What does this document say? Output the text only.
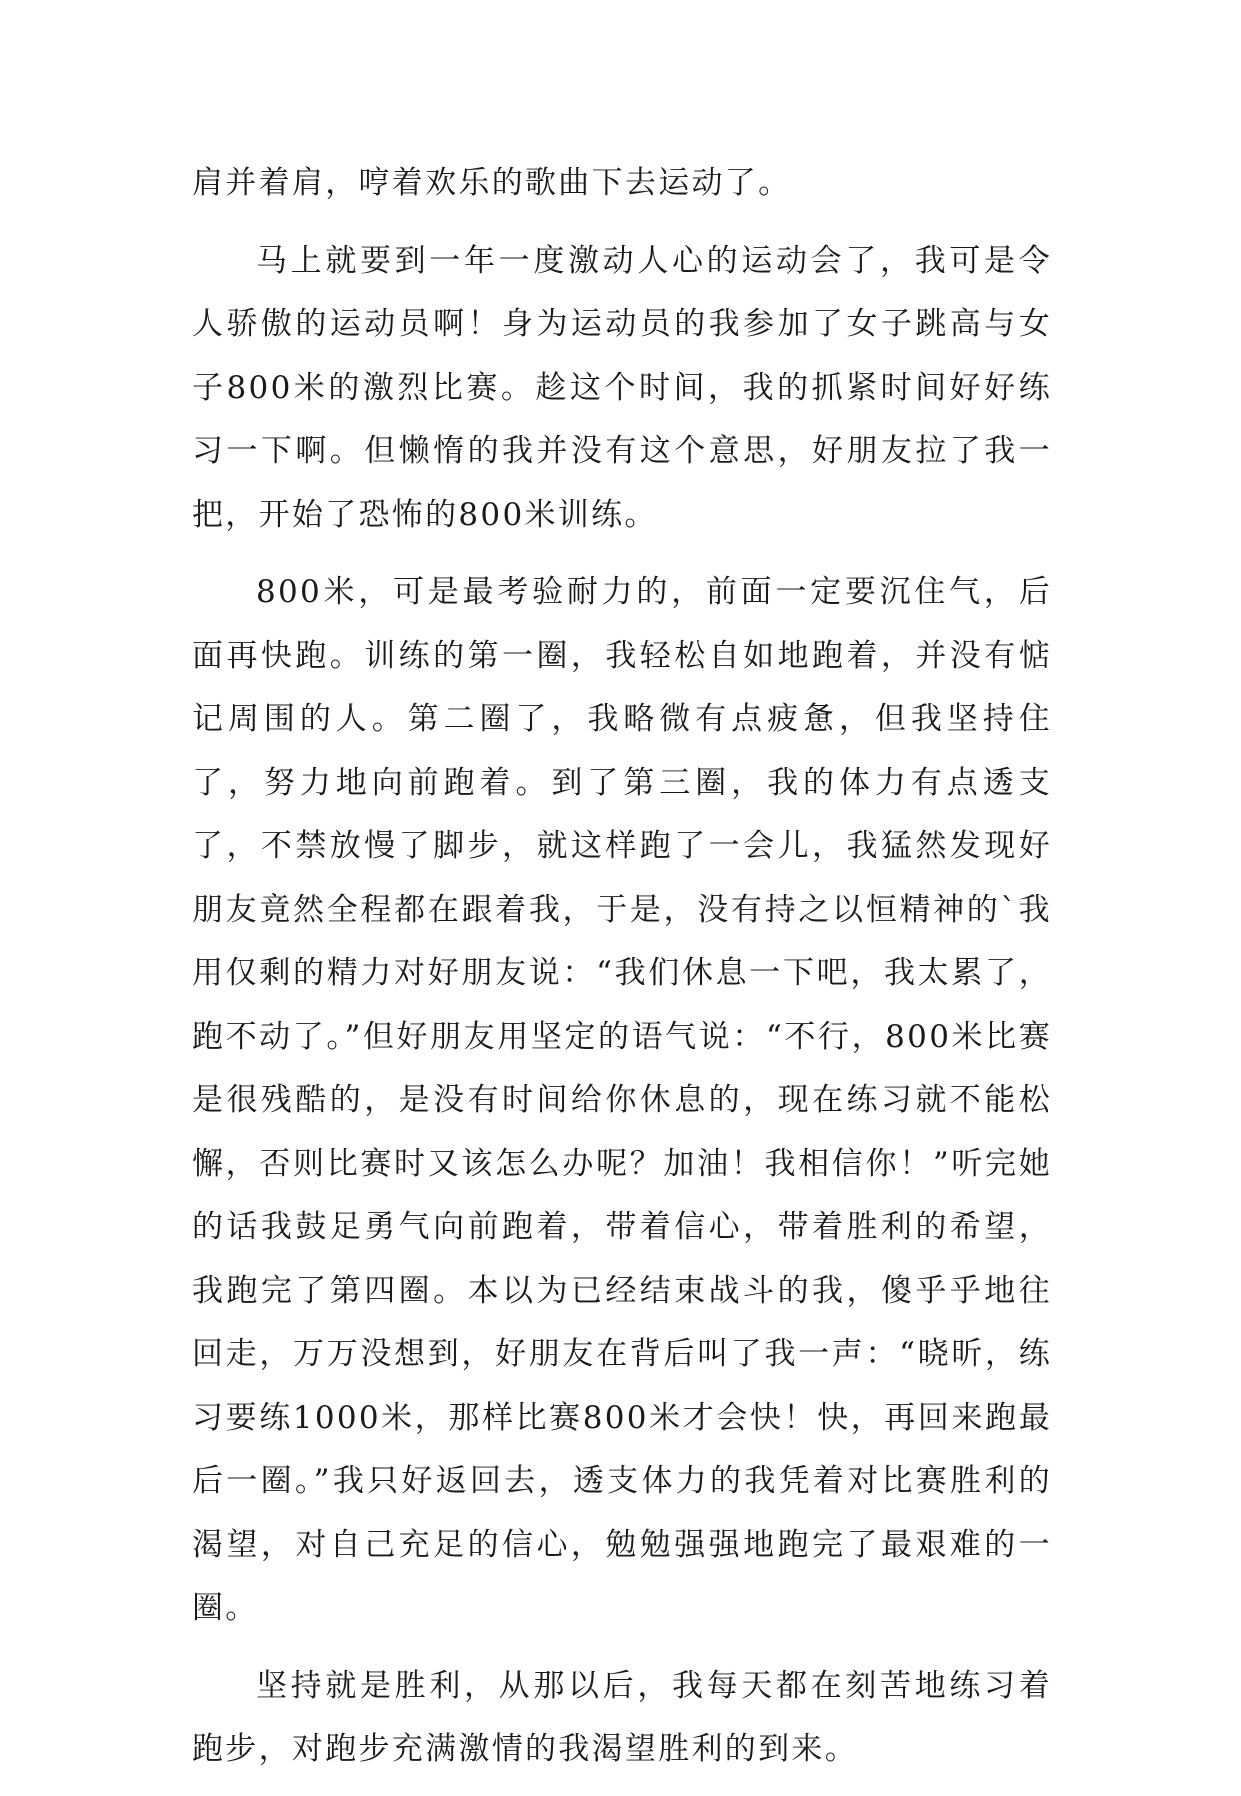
肩并着肩，哼着欢乐的歌曲下去运动了。

马上就要到一年一度激动人心的运动会了，我可是令人骄傲的运动员啊！身为运动员的我参加了女子跳高与女子800米的激烈比赛。趁这个时间，我的抓紧时间好好练习一下啊。但懒惰的我并没有这个意思，好朋友拉了我一把，开始了恐怖的800米训练。

800米，可是最考验耐力的，前面一定要沉住气，后面再快跑。训练的第一圈，我轻松自如地跑着，并没有惦记周围的人。第二圈了，我略微有点疲惫，但我坚持住了，努力地向前跑着。到了第三圈，我的体力有点透支了，不禁放慢了脚步，就这样跑了一会儿，我猛然发现好朋友竟然全程都在跟着我，于是，没有持之以恒精神的`我用仅剩的精力对好朋友说：“我们休息一下吧，我太累了，跑不动了。”但好朋友用坚定的语气说：“不行，800米比赛是很残酷的，是没有时间给你休息的，现在练习就不能松懈，否则比赛时又该怎么办呢？加油！我相信你！”听完她的话我鼓足勇气向前跑着，带着信心，带着胜利的希望，我跑完了第四圈。本以为已经结束战斗的我，傻乎乎地往回走，万万没想到，好朋友在背后叫了我一声：“晓昕，练习要练1000米，那样比赛800米才会快！快，再回来跑最后一圈。”我只好返回去，透支体力的我凭着对比赛胜利的渴望，对自己充足的信心，勉勉强强地跑完了最艰难的一圈。

坚持就是胜利，从那以后，我每天都在刻苦地练习着跑步，对跑步充满激情的我渴望胜利的到来。
